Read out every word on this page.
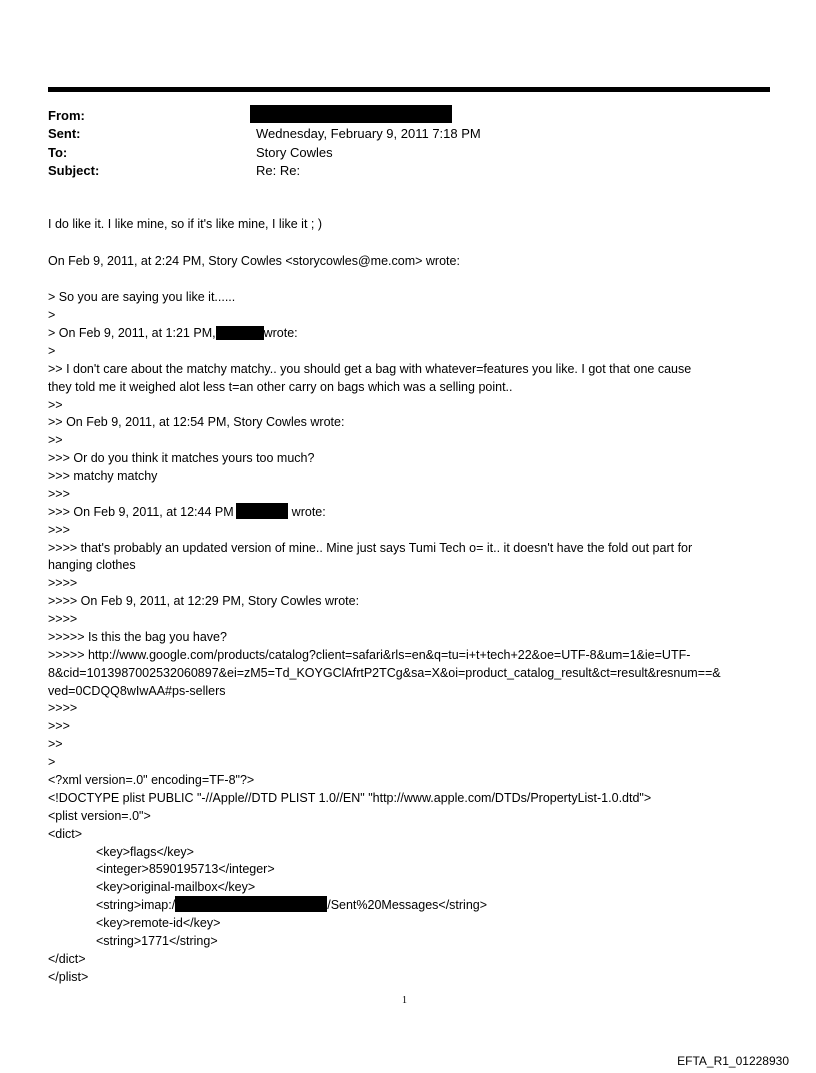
From:
Sent:	Wednesday, February 9, 2011 7:18 PM
To:	Story Cowles
Subject:	Re: Re:
I do like it. I like mine, so if it's like mine, I like it ; )
On Feb 9, 2011, at 2:24 PM, Story Cowles <storycowles@me.com> wrote:
> So you are saying you like it......
>
> On Feb 9, 2011, at 1:21 PM,	wrote:
>
>> I don't care about the matchy matchy.. you should get a bag with whatever=features you like. I got that one cause
they told me it weighed alot less t=an other carry on bags which was a selling point..
>>
>> On Feb 9, 2011, at 12:54 PM, Story Cowles wrote:
>>
>>> Or do you think it matches yours too much?
>>> matchy matchy
>>>
>>> On Feb 9, 2011, at 12:44 PM	wrote:
>>>
>>>> that's probably an updated version of mine.. Mine just says Tumi Tech o= it.. it doesn't have the fold out part for
hanging clothes
>>>>
>>>> On Feb 9, 2011, at 12:29 PM, Story Cowles wrote:
>>>>
>>>>> Is this the bag you have?
>>>>> http://www.google.com/products/catalog?client=safari&rls=en&q=tu=i+t+tech+22&oe=UTF-8&um=1&ie=UTF-
8&cid=1013987002532060897&ei=zM5=Td_KOYGClAfrtP2TCg&sa=X&oi=product_catalog_result&ct=result&resnum==&
ved=0CDQQ8wIwAA#ps-sellers
>>>>
>>>
>>
>
<?xml version=.0" encoding=TF-8"?>
<!DOCTYPE plist PUBLIC "-//Apple//DTD PLIST 1.0//EN" "http://www.apple.com/DTDs/PropertyList-1.0.dtd">
<plist version=.0">
<dict>
<key>flags</key>
<integer>8590195713</integer>
<key>original-mailbox</key>
<string>imap:/	/Sent%20Messages</string>
<key>remote-id</key>
<string>1771</string>
</dict>
</plist>
1
EFTA_R1_01228930
